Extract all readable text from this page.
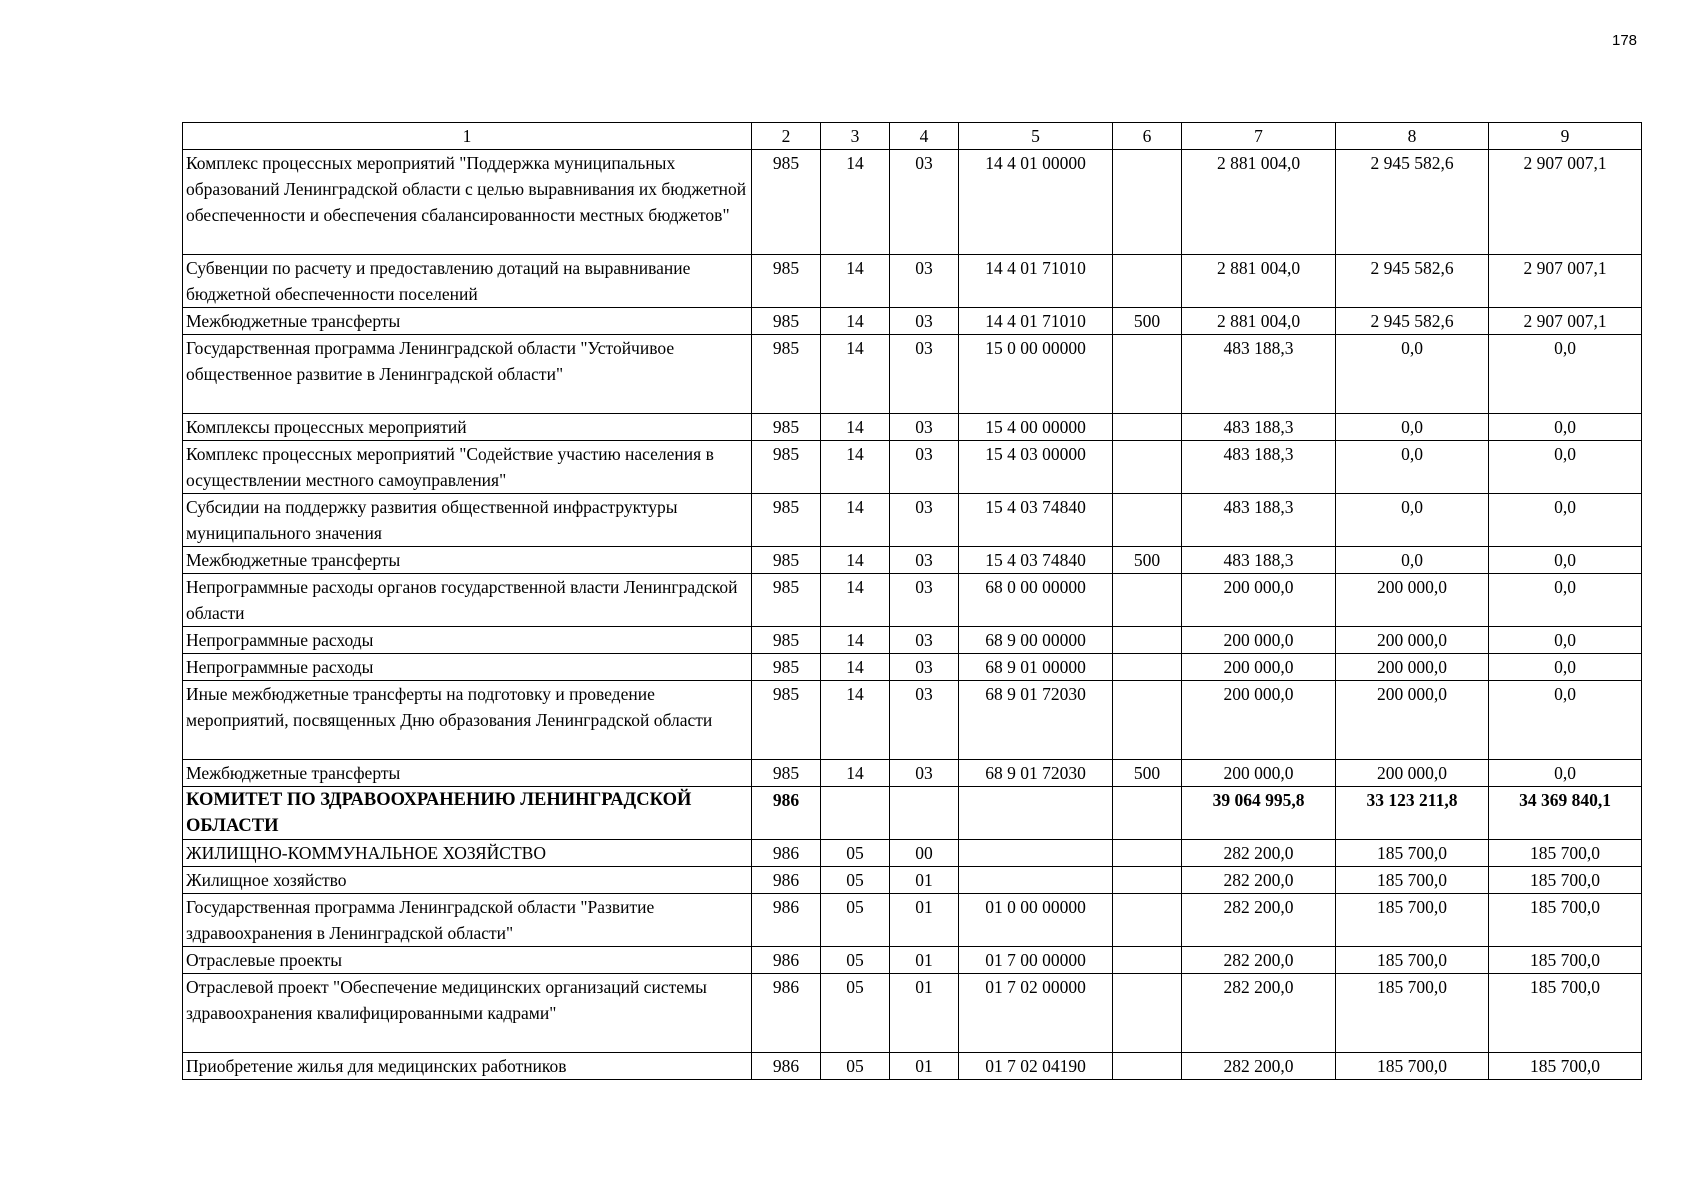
178
1	2	3	4	5	6	7	8	9
Комплекс процессных мероприятий "Поддержка муниципальных образований Ленинградской области с целью выравнивания их бюджетной обеспеченности и обеспечения сбалансированности местных бюджетов"	985	14	03	14 4 01 00000		2 881 004,0	2 945 582,6	2 907 007,1
Субвенции по расчету и предоставлению дотаций на выравнивание бюджетной обеспеченности поселений	985	14	03	14 4 01 71010		2 881 004,0	2 945 582,6	2 907 007,1
Межбюджетные трансферты	985	14	03	14 4 01 71010	500	2 881 004,0	2 945 582,6	2 907 007,1
Государственная программа Ленинградской области "Устойчивое общественное развитие в Ленинградской области"	985	14	03	15 0 00 00000		483 188,3	0,0	0,0
Комплексы процессных мероприятий	985	14	03	15 4 00 00000		483 188,3	0,0	0,0
Комплекс процессных мероприятий "Содействие участию населения в осуществлении местного самоуправления"	985	14	03	15 4 03 00000		483 188,3	0,0	0,0
Субсидии на поддержку развития общественной инфраструктуры муниципального значения	985	14	03	15 4 03 74840		483 188,3	0,0	0,0
Межбюджетные трансферты	985	14	03	15 4 03 74840	500	483 188,3	0,0	0,0
Непрограммные расходы органов государственной власти Ленинградской области	985	14	03	68 0 00 00000		200 000,0	200 000,0	0,0
Непрограммные расходы	985	14	03	68 9 00 00000		200 000,0	200 000,0	0,0
Непрограммные расходы	985	14	03	68 9 01 00000		200 000,0	200 000,0	0,0
Иные межбюджетные трансферты на подготовку и проведение мероприятий, посвященных Дню образования Ленинградской области	985	14	03	68 9 01 72030		200 000,0	200 000,0	0,0
Межбюджетные трансферты	985	14	03	68 9 01 72030	500	200 000,0	200 000,0	0,0
КОМИТЕТ ПО ЗДРАВООХРАНЕНИЮ ЛЕНИНГРАДСКОЙ ОБЛАСТИ	986					39 064 995,8	33 123 211,8	34 369 840,1
ЖИЛИЩНО-КОММУНАЛЬНОЕ ХОЗЯЙСТВО	986	05	00			282 200,0	185 700,0	185 700,0
Жилищное хозяйство	986	05	01			282 200,0	185 700,0	185 700,0
Государственная программа Ленинградской области "Развитие здравоохранения в Ленинградской области"	986	05	01	01 0 00 00000		282 200,0	185 700,0	185 700,0
Отраслевые проекты	986	05	01	01 7 00 00000		282 200,0	185 700,0	185 700,0
Отраслевой проект "Обеспечение медицинских организаций системы здравоохранения квалифицированными кадрами"	986	05	01	01 7 02 00000		282 200,0	185 700,0	185 700,0
Приобретение жилья для медицинских работников	986	05	01	01 7 02 04190		282 200,0	185 700,0	185 700,0
